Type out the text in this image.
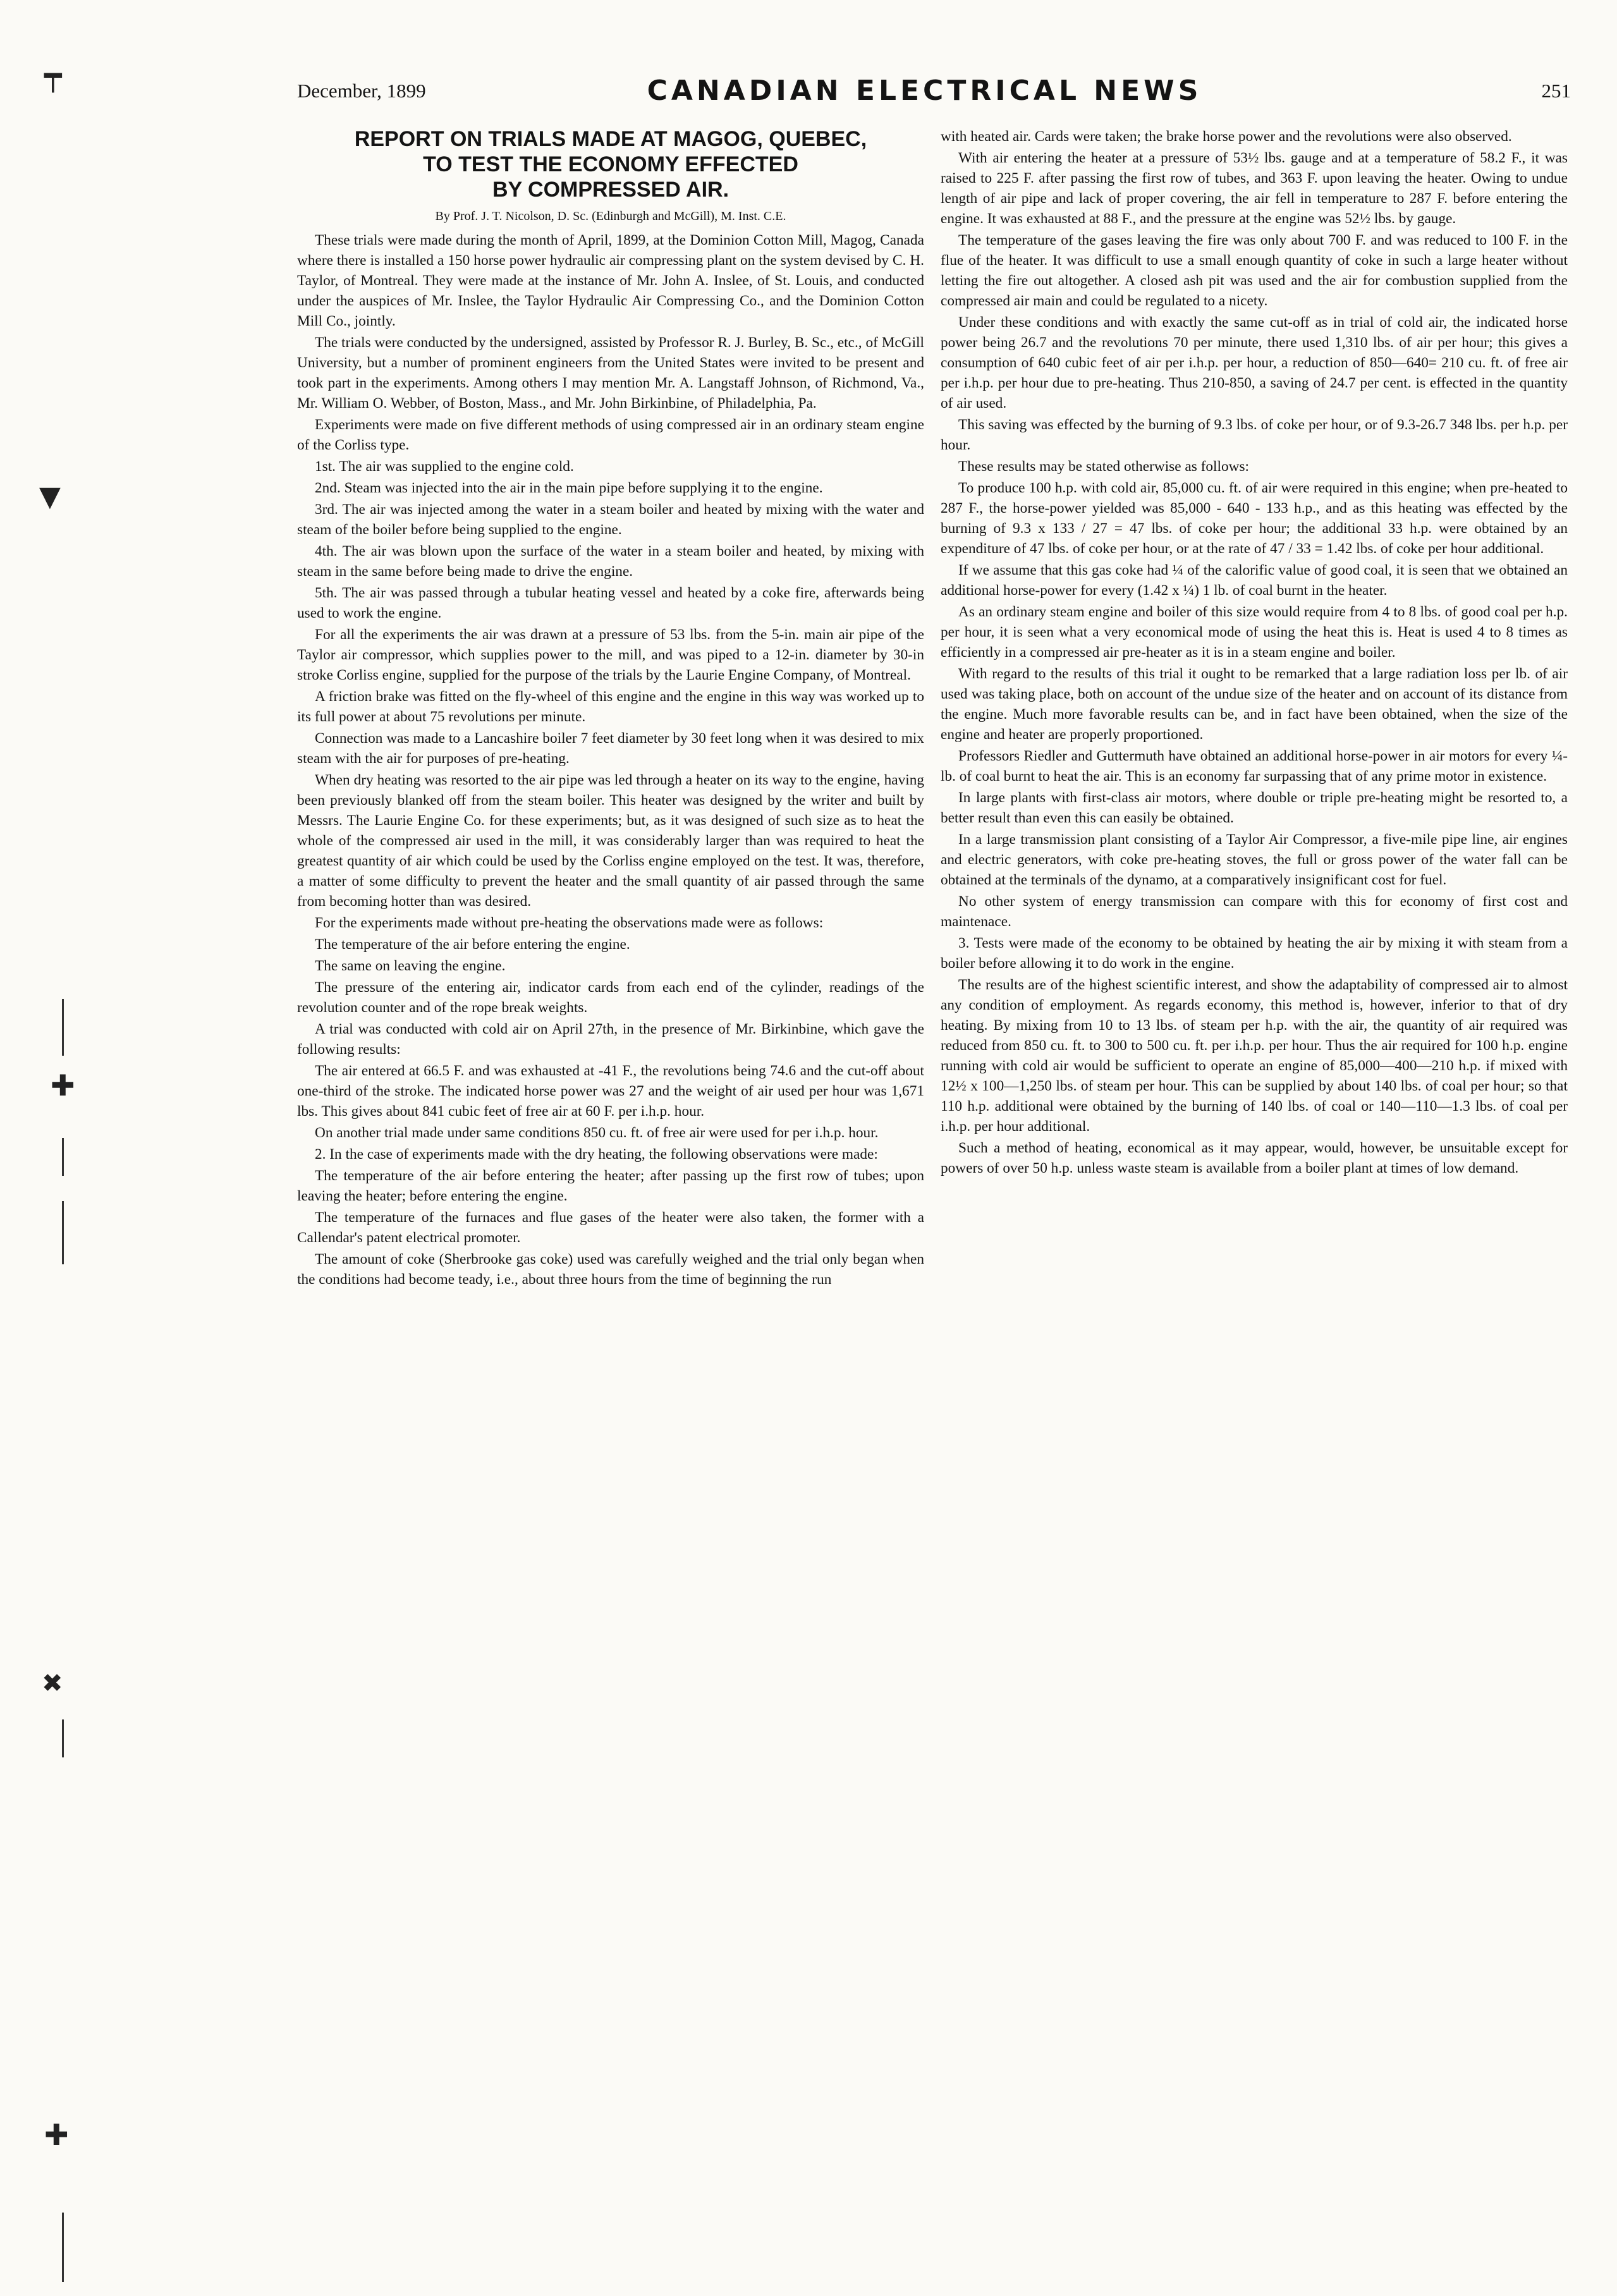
┯
▼
✚
✖
✚
December, 1899	CANADIAN ELECTRICAL NEWS	251
REPORT ON TRIALS MADE AT MAGOG, QUEBEC,
TO TEST THE ECONOMY EFFECTED
BY COMPRESSED AIR.
By Prof. J. T. Nicolson, D. Sc. (Edinburgh and McGill), M. Inst. C.E.

These trials were made during the month of April, 1899, at the Dominion Cotton Mill, Magog, Canada where there is installed a 150 horse power hydraulic air compressing plant on the system devised by C. H. Taylor, of Montreal. They were made at the instance of Mr. John A. Inslee, of St. Louis, and conducted under the auspices of Mr. Inslee, the Taylor Hydraulic Air Compressing Co., and the Dominion Cotton Mill Co., jointly.

The trials were conducted by the undersigned, assisted by Professor R. J. Burley, B. Sc., etc., of McGill University, but a number of prominent engineers from the United States were invited to be present and took part in the experiments. Among others I may mention Mr. A. Langstaff Johnson, of Richmond, Va., Mr. William O. Webber, of Boston, Mass., and Mr. John Birkinbine, of Philadelphia, Pa.

Experiments were made on five different methods of using compressed air in an ordinary steam engine of the Corliss type.

1st. The air was supplied to the engine cold.

2nd. Steam was injected into the air in the main pipe before supplying it to the engine.

3rd. The air was injected among the water in a steam boiler and heated by mixing with the water and steam of the boiler before being supplied to the engine.

4th. The air was blown upon the surface of the water in a steam boiler and heated, by mixing with steam in the same before being made to drive the engine.

5th. The air was passed through a tubular heating vessel and heated by a coke fire, afterwards being used to work the engine.

For all the experiments the air was drawn at a pressure of 53 lbs. from the 5-in. main air pipe of the Taylor air compressor, which supplies power to the mill, and was piped to a 12-in. diameter by 30-in stroke Corliss engine, supplied for the purpose of the trials by the Laurie Engine Company, of Montreal.

A friction brake was fitted on the fly-wheel of this engine and the engine in this way was worked up to its full power at about 75 revolutions per minute.

Connection was made to a Lancashire boiler 7 feet diameter by 30 feet long when it was desired to mix steam with the air for purposes of pre-heating.

When dry heating was resorted to the air pipe was led through a heater on its way to the engine, having been previously blanked off from the steam boiler. This heater was designed by the writer and built by Messrs. The Laurie Engine Co. for these experiments; but, as it was designed of such size as to heat the whole of the compressed air used in the mill, it was considerably larger than was required to heat the greatest quantity of air which could be used by the Corliss engine employed on the test. It was, therefore, a matter of some difficulty to prevent the heater and the small quantity of air passed through the same from becoming hotter than was desired.

For the experiments made without pre-heating the observations made were as follows:

The temperature of the air before entering the engine.

The same on leaving the engine.

The pressure of the entering air, indicator cards from each end of the cylinder, readings of the revolution counter and of the rope break weights.

A trial was conducted with cold air on April 27th, in the presence of Mr. Birkinbine, which gave the following results:

The air entered at 66.5 F. and was exhausted at -41 F., the revolutions being 74.6 and the cut-off about one-third of the stroke. The indicated horse power was 27 and the weight of air used per hour was 1,671 lbs. This gives about 841 cubic feet of free air at 60 F. per i.h.p. hour.

On another trial made under same conditions 850 cu. ft. of free air were used for per i.h.p. hour.

2. In the case of experiments made with the dry heating, the following observations were made:

The temperature of the air before entering the heater; after passing up the first row of tubes; upon leaving the heater; before entering the engine.

The temperature of the furnaces and flue gases of the heater were also taken, the former with a Callendar's patent electrical promoter.

The amount of coke (Sherbrooke gas coke) used was carefully weighed and the trial only began when the conditions had become teady, i.e., about three hours from the time of beginning the run

with heated air. Cards were taken; the brake horse power and the revolutions were also observed.

With air entering the heater at a pressure of 53½ lbs. gauge and at a temperature of 58.2 F., it was raised to 225 F. after passing the first row of tubes, and 363 F. upon leaving the heater. Owing to undue length of air pipe and lack of proper covering, the air fell in temperature to 287 F. before entering the engine. It was exhausted at 88 F., and the pressure at the engine was 52½ lbs. by gauge.

The temperature of the gases leaving the fire was only about 700 F. and was reduced to 100 F. in the flue of the heater. It was difficult to use a small enough quantity of coke in such a large heater without letting the fire out altogether. A closed ash pit was used and the air for combustion supplied from the compressed air main and could be regulated to a nicety.

Under these conditions and with exactly the same cut-off as in trial of cold air, the indicated horse power being 26.7 and the revolutions 70 per minute, there used 1,310 lbs. of air per hour; this gives a consumption of 640 cubic feet of air per i.h.p. per hour, a reduction of 850—640= 210 cu. ft. of free air per i.h.p. per hour due to pre-heating. Thus 210-850, a saving of 24.7 per cent. is effected in the quantity of air used.

This saving was effected by the burning of 9.3 lbs. of coke per hour, or of 9.3-26.7 348 lbs. per h.p. per hour.

These results may be stated otherwise as follows:

To produce 100 h.p. with cold air, 85,000 cu. ft. of air were required in this engine; when pre-heated to 287 F., the horse-power yielded was 85,000 - 640 - 133 h.p., and as this heating was effected by the burning of 9.3 x 133 / 27 = 47 lbs. of coke per hour; the additional 33 h.p. were obtained by an expenditure of 47 lbs. of coke per hour, or at the rate of 47 / 33 = 1.42 lbs. of coke per hour additional.

If we assume that this gas coke had ¼ of the calorific value of good coal, it is seen that we obtained an additional horse-power for every (1.42 x ¼) 1 lb. of coal burnt in the heater.

As an ordinary steam engine and boiler of this size would require from 4 to 8 lbs. of good coal per h.p. per hour, it is seen what a very economical mode of using the heat this is. Heat is used 4 to 8 times as efficiently in a compressed air pre-heater as it is in a steam engine and boiler.

With regard to the results of this trial it ought to be remarked that a large radiation loss per lb. of air used was taking place, both on account of the undue size of the heater and on account of its distance from the engine. Much more favorable results can be, and in fact have been obtained, when the size of the engine and heater are properly proportioned.

Professors Riedler and Guttermuth have obtained an additional horse-power in air motors for every ¼-lb. of coal burnt to heat the air. This is an economy far surpassing that of any prime motor in existence.

In large plants with first-class air motors, where double or triple pre-heating might be resorted to, a better result than even this can easily be obtained.

In a large transmission plant consisting of a Taylor Air Compressor, a five-mile pipe line, air engines and electric generators, with coke pre-heating stoves, the full or gross power of the water fall can be obtained at the terminals of the dynamo, at a comparatively insignificant cost for fuel.

No other system of energy transmission can compare with this for economy of first cost and maintenace.

3. Tests were made of the economy to be obtained by heating the air by mixing it with steam from a boiler before allowing it to do work in the engine.

The results are of the highest scientific interest, and show the adaptability of compressed air to almost any condition of employment. As regards economy, this method is, however, inferior to that of dry heating. By mixing from 10 to 13 lbs. of steam per h.p. with the air, the quantity of air required was reduced from 850 cu. ft. to 300 to 500 cu. ft. per i.h.p. per hour. Thus the air required for 100 h.p. engine running with cold air would be sufficient to operate an engine of 85,000—400—210 h.p. if mixed with 12½ x 100—1,250 lbs. of steam per hour. This can be supplied by about 140 lbs. of coal per hour; so that 110 h.p. additional were obtained by the burning of 140 lbs. of coal or 140—110—1.3 lbs. of coal per i.h.p. per hour additional.

Such a method of heating, economical as it may appear, would, however, be unsuitable except for powers of over 50 h.p. unless waste steam is available from a boiler plant at times of low demand.
